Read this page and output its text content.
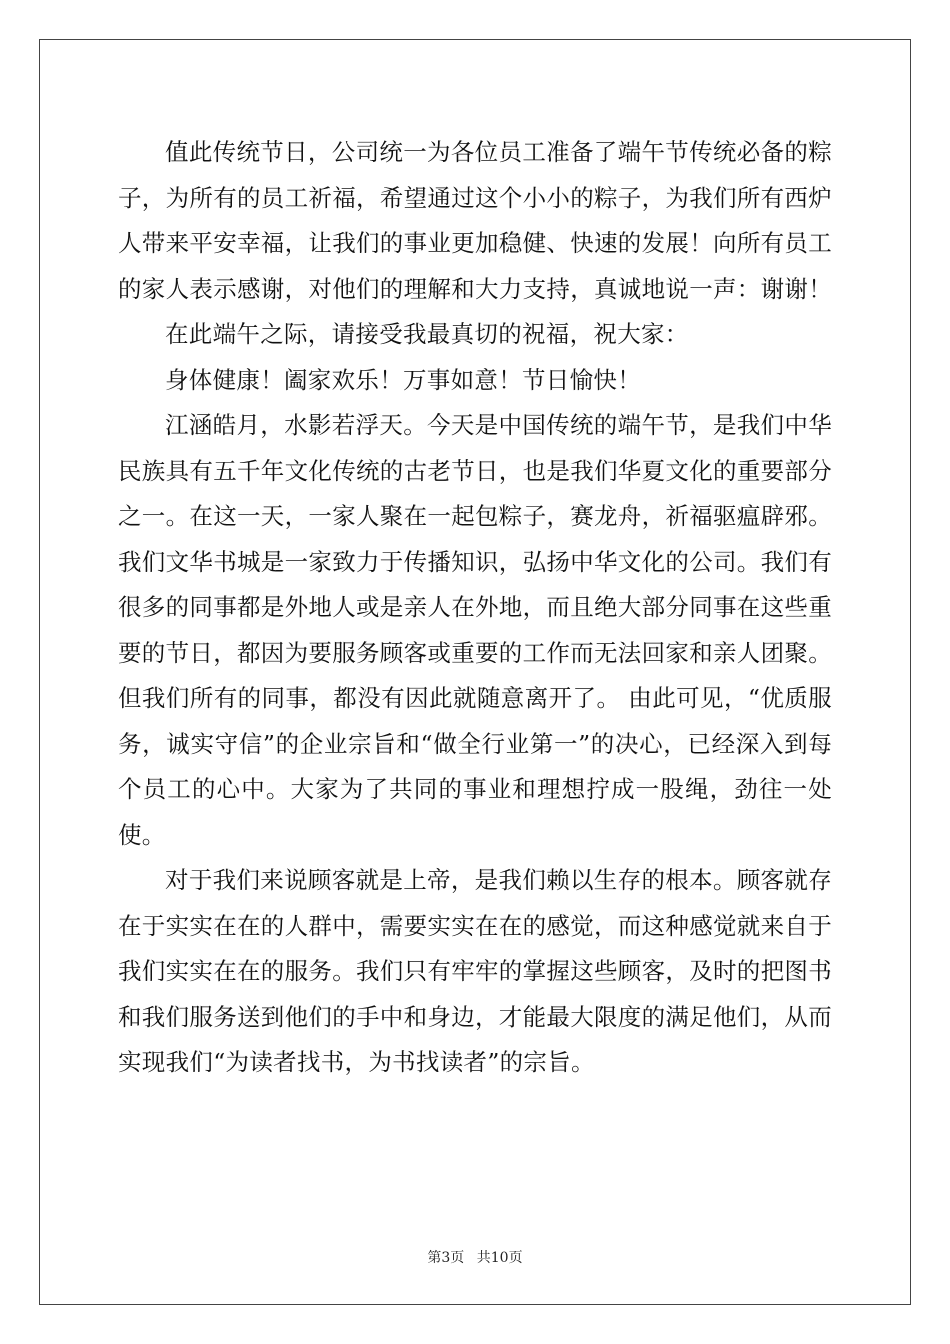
值此传统节日，公司统一为各位员工准备了端午节传统必备的粽子，为所有的员工祈福，希望通过这个小小的粽子，为我们所有西炉人带来平安幸福，让我们的事业更加稳健、快速的发展！向所有员工的家人表示感谢，对他们的理解和大力支持，真诚地说一声：谢谢！

在此端午之际，请接受我最真切的祝福，祝大家：

身体健康！阖家欢乐！万事如意！节日愉快！

江涵皓月，水影若浮天。今天是中国传统的端午节，是我们中华民族具有五千年文化传统的古老节日，也是我们华夏文化的重要部分之一。在这一天，一家人聚在一起包粽子，赛龙舟，祈福驱瘟辟邪。我们文华书城是一家致力于传播知识，弘扬中华文化的公司。我们有很多的同事都是外地人或是亲人在外地，而且绝大部分同事在这些重要的节日，都因为要服务顾客或重要的工作而无法回家和亲人团聚。但我们所有的同事，都没有因此就随意离开了。 由此可见，“优质服务，诚实守信”的企业宗旨和“做全行业第一”的决心，已经深入到每个员工的心中。大家为了共同的事业和理想拧成一股绳，劲往一处使。

对于我们来说顾客就是上帝，是我们赖以生存的根本。顾客就存在于实实在在的人群中，需要实实在在的感觉，而这种感觉就来自于我们实实在在的服务。我们只有牢牢的掌握这些顾客，及时的把图书和我们服务送到他们的手中和身边，才能最大限度的满足他们，从而实现我们“为读者找书，为书找读者”的宗旨。

第3页 共10页
